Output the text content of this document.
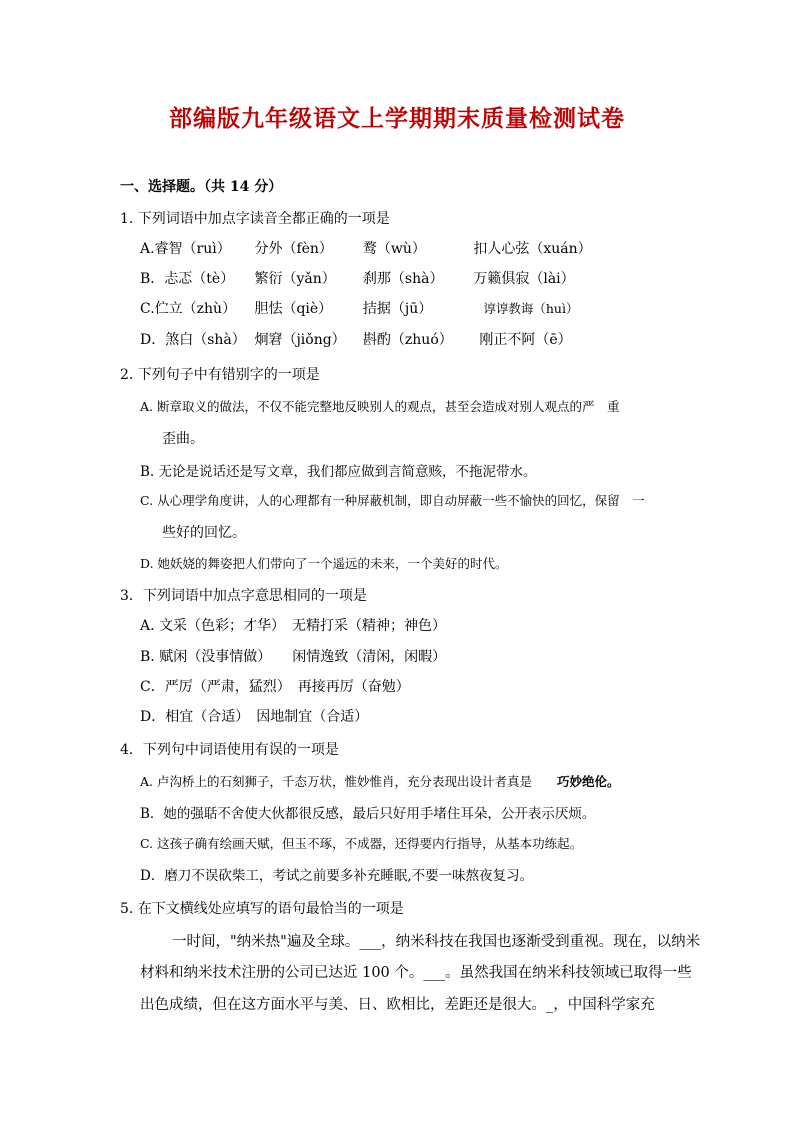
部编版九年级语文上学期期末质量检测试卷
一、选择题。（共 14 分）
1. 下列词语中加点字读音全都正确的一项是
A.睿智（ruì） 分外（fèn） 鹜（wù）	扣人心弦（xuán）
B．忐忑（tè） 繁衍（yǎn） 刹那（shà） 万籁俱寂（lài）
C.伫立（zhù） 胆怯（qiè） 拮据（jū）	谆谆教诲（huì）
D．煞白（shà） 炯窘（jiǒng） 斟酌（zhuó） 刚正不阿（ē）
2. 下列句子中有错别字的一项是
A. 断章取义的做法，不仅不能完整地反映别人的观点，甚至会造成对别人观点的严　重
歪曲。
B. 无论是说话还是写文章，我们都应做到言简意赅，不拖泥带水。
C. 从心理学角度讲，人的心理都有一种屏蔽机制，即自动屏蔽一些不愉快的回忆，保留　一
些好的回忆。
D. 她妖娆的舞姿把人们带向了一个遥远的未来，一个美好的时代。
3．下列词语中加点字意思相同的一项是
A. 文采（色彩；才华）　无精打采（精神；神色）
B. 赋闲（没事情做）　　闲情逸致（清闲，闲暇）
C．严厉（严肃，猛烈）　再接再厉（奋勉）
D．相宜（合适）　因地制宜（合适）
4．下列句中词语使用有误的一项是
A. 卢沟桥上的石刻狮子，千态万状，惟妙惟肖，充分表现出设计者真是　　巧妙绝伦。
B．她的强聒不舍使大伙都很反感，最后只好用手堵住耳朵，公开表示厌烦。
C. 这孩子确有绘画天赋，但玉不琢，不成器，还得要内行指导，从基本功练起。
D．磨刀不误砍柴工，考试之前要多补充睡眠,不要一味熬夜复习。
5. 在下文横线处应填写的语句最恰当的一项是
一时间，"纳米热"遍及全球。___，纳米科技在我国也逐渐受到重视。现在，以纳米
材料和纳米技术注册的公司已达近 100 个。___。虽然我国在纳米科技领域已取得一些
出色成绩，但在这方面水平与美、日、欧相比，差距还是很大。_，中国科学家充
